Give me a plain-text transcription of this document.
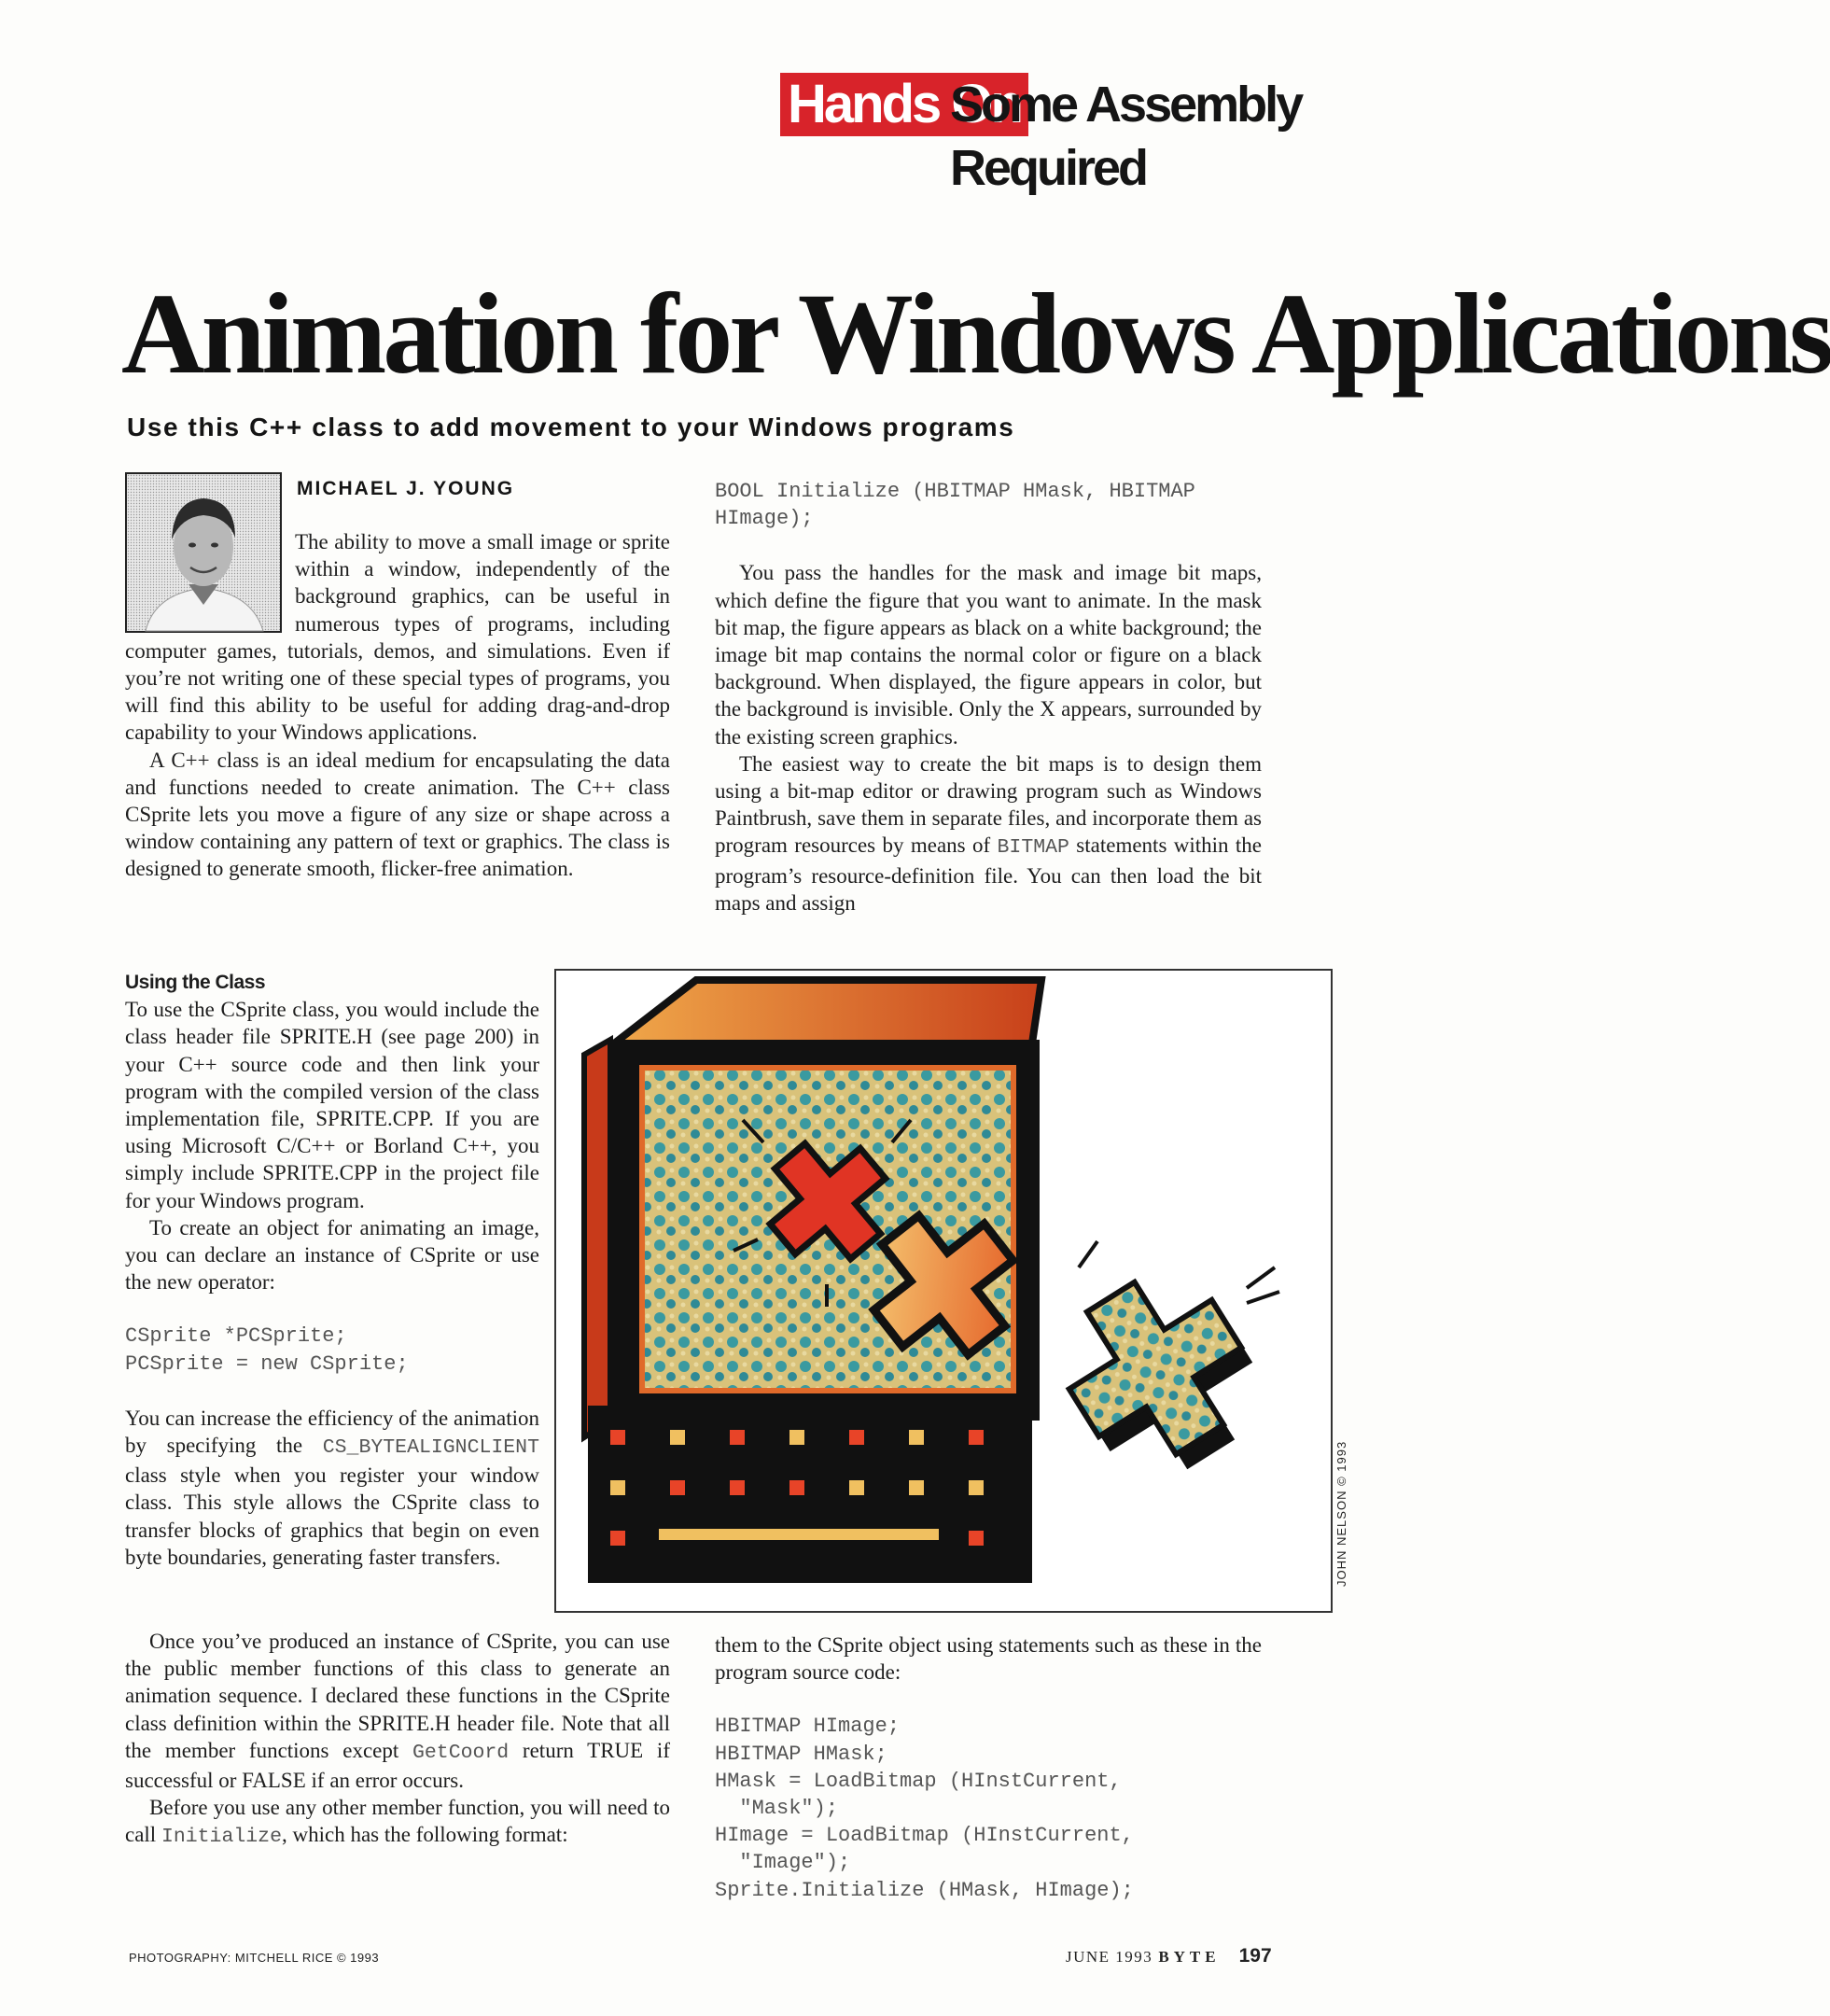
Hands On
Some Assembly Required
Animation for Windows Applications
Use this C++ class to add movement to your Windows programs
MICHAEL J. YOUNG

The ability to move a small image or sprite within a window, independently of the background graphics, can be useful in numerous types of programs, including computer games, tutorials, demos, and simulations. Even if you’re not writing one of these special types of programs, you will find this ability to be useful for adding drag-and-drop capability to your Windows applications.

A C++ class is an ideal medium for encapsulating the data and functions needed to create animation. The C++ class CSprite lets you move a figure of any size or shape across a window containing any pattern of text or graphics. The class is designed to generate smooth, flicker-free animation.

Using the Class

To use the CSprite class, you would include the class header file SPRITE.H (see page 200) in your C++ source code and then link your program with the compiled version of the class implementation file, SPRITE.CPP. If you are using Microsoft C/C++ or Borland C++, you simply include SPRITE.CPP in the project file for your Windows program.

To create an object for animating an image, you can declare an instance of CSprite or use the new operator:

CSprite *PCSprite;
PCSprite = new CSprite;

You can increase the efficiency of the animation by specifying the CS_BYTEALIGNCLIENT class style when you register your window class. This style allows the CSprite class to transfer blocks of graphics that begin on even byte boundaries, generating faster transfers.

Once you’ve produced an instance of CSprite, you can use the public member functions of this class to generate an animation sequence. I declared these functions in the CSprite class definition within the SPRITE.H header file. Note that all the member functions except GetCoord return TRUE if successful or FALSE if an error occurs.

Before you use any other member function, you will need to call Initialize, which has the following format:

BOOL Initialize (HBITMAP HMask, HBITMAP
HImage);

You pass the handles for the mask and image bit maps, which define the figure that you want to animate. In the mask bit map, the figure appears as black on a white background; the image bit map contains the normal color or figure on a black background. When displayed, the figure appears in color, but the background is invisible. Only the X appears, surrounded by the existing screen graphics.

The easiest way to create the bit maps is to design them using a bit-map editor or drawing program such as Windows Paintbrush, save them in separate files, and incorporate them as program resources by means of BITMAP statements within the program’s resource-definition file. You can then load the bit maps and assign

them to the CSprite object using statements such as these in the program source code:

HBITMAP HImage;
HBITMAP HMask;
HMask = LoadBitmap (HInstCurrent,
"Mask");
HImage = LoadBitmap (HInstCurrent,
"Image");
Sprite.Initialize (HMask, HImage);
JOHN NELSON © 1993
PHOTOGRAPHY: MITCHELL RICE © 1993	JUNE 1993 BYTE 197
